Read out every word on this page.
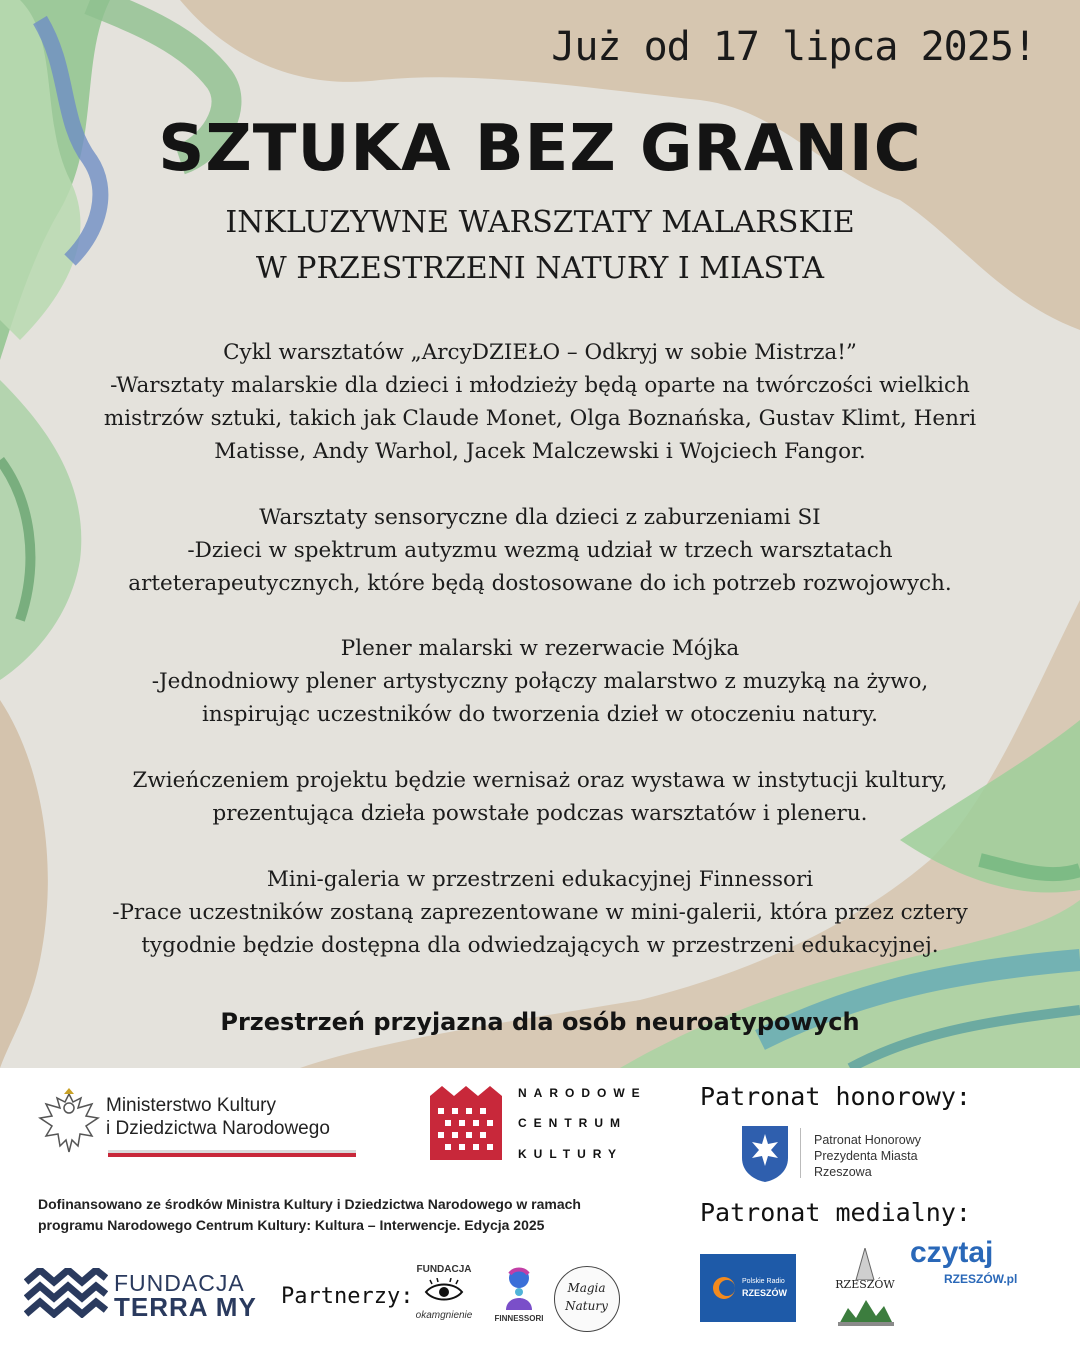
Już od 17 lipca 2025!
SZTUKA BEZ GRANIC
INKLUZYWNE WARSZTATY MALARSKIE
W PRZESTRZENI NATURY I MIASTA
Cykl warsztatów „ArcyDZIEŁO – Odkryj w sobie Mistrza!”
-Warsztaty malarskie dla dzieci i młodzieży będą oparte na twórczości wielkich
mistrzów sztuki, takich jak Claude Monet, Olga Boznańska, Gustav Klimt, Henri
Matisse, Andy Warhol, Jacek Malczewski i Wojciech Fangor.
Warsztaty sensoryczne dla dzieci z zaburzeniami SI
-Dzieci w spektrum autyzmu wezmą udział w trzech warsztatach
arteterapeutycznych, które będą dostosowane do ich potrzeb rozwojowych.
Plener malarski w rezerwacie Mójka
-Jednodniowy plener artystyczny połączy malarstwo z muzyką na żywo,
inspirując uczestników do tworzenia dzieł w otoczeniu natury.
Zwieńczeniem projektu będzie wernisaż oraz wystawa w instytucji kultury,
prezentująca dzieła powstałe podczas warsztatów i pleneru.
Mini-galeria w przestrzeni edukacyjnej Finnessori
-Prace uczestników zostaną zaprezentowane w mini-galerii, która przez cztery
tygodnie będzie dostępna dla odwiedzających w przestrzeni edukacyjnej.
Przestrzeń przyjazna dla osób neuroatypowych
Ministerstwo Kultury
i Dziedzictwa Narodowego
NARODOWE
CENTRUM
KULTURY
Patronat honorowy:
Patronat Honorowy
Prezydenta Miasta
Rzeszowa
Dofinansowano ze środków Ministra Kultury i Dziedzictwa Narodowego w ramach
programu Narodowego Centrum Kultury: Kultura – Interwencje. Edycja 2025	Patronat medialny:
FUNDACJA
TERRA MY Partnerzy:
FUNDACJA
okamgnienie	FINNESSORI
Magia
Natury
Polskie Radio
RZESZÓW
RZESZÓW
czytaj
RZESZÓW.pl
